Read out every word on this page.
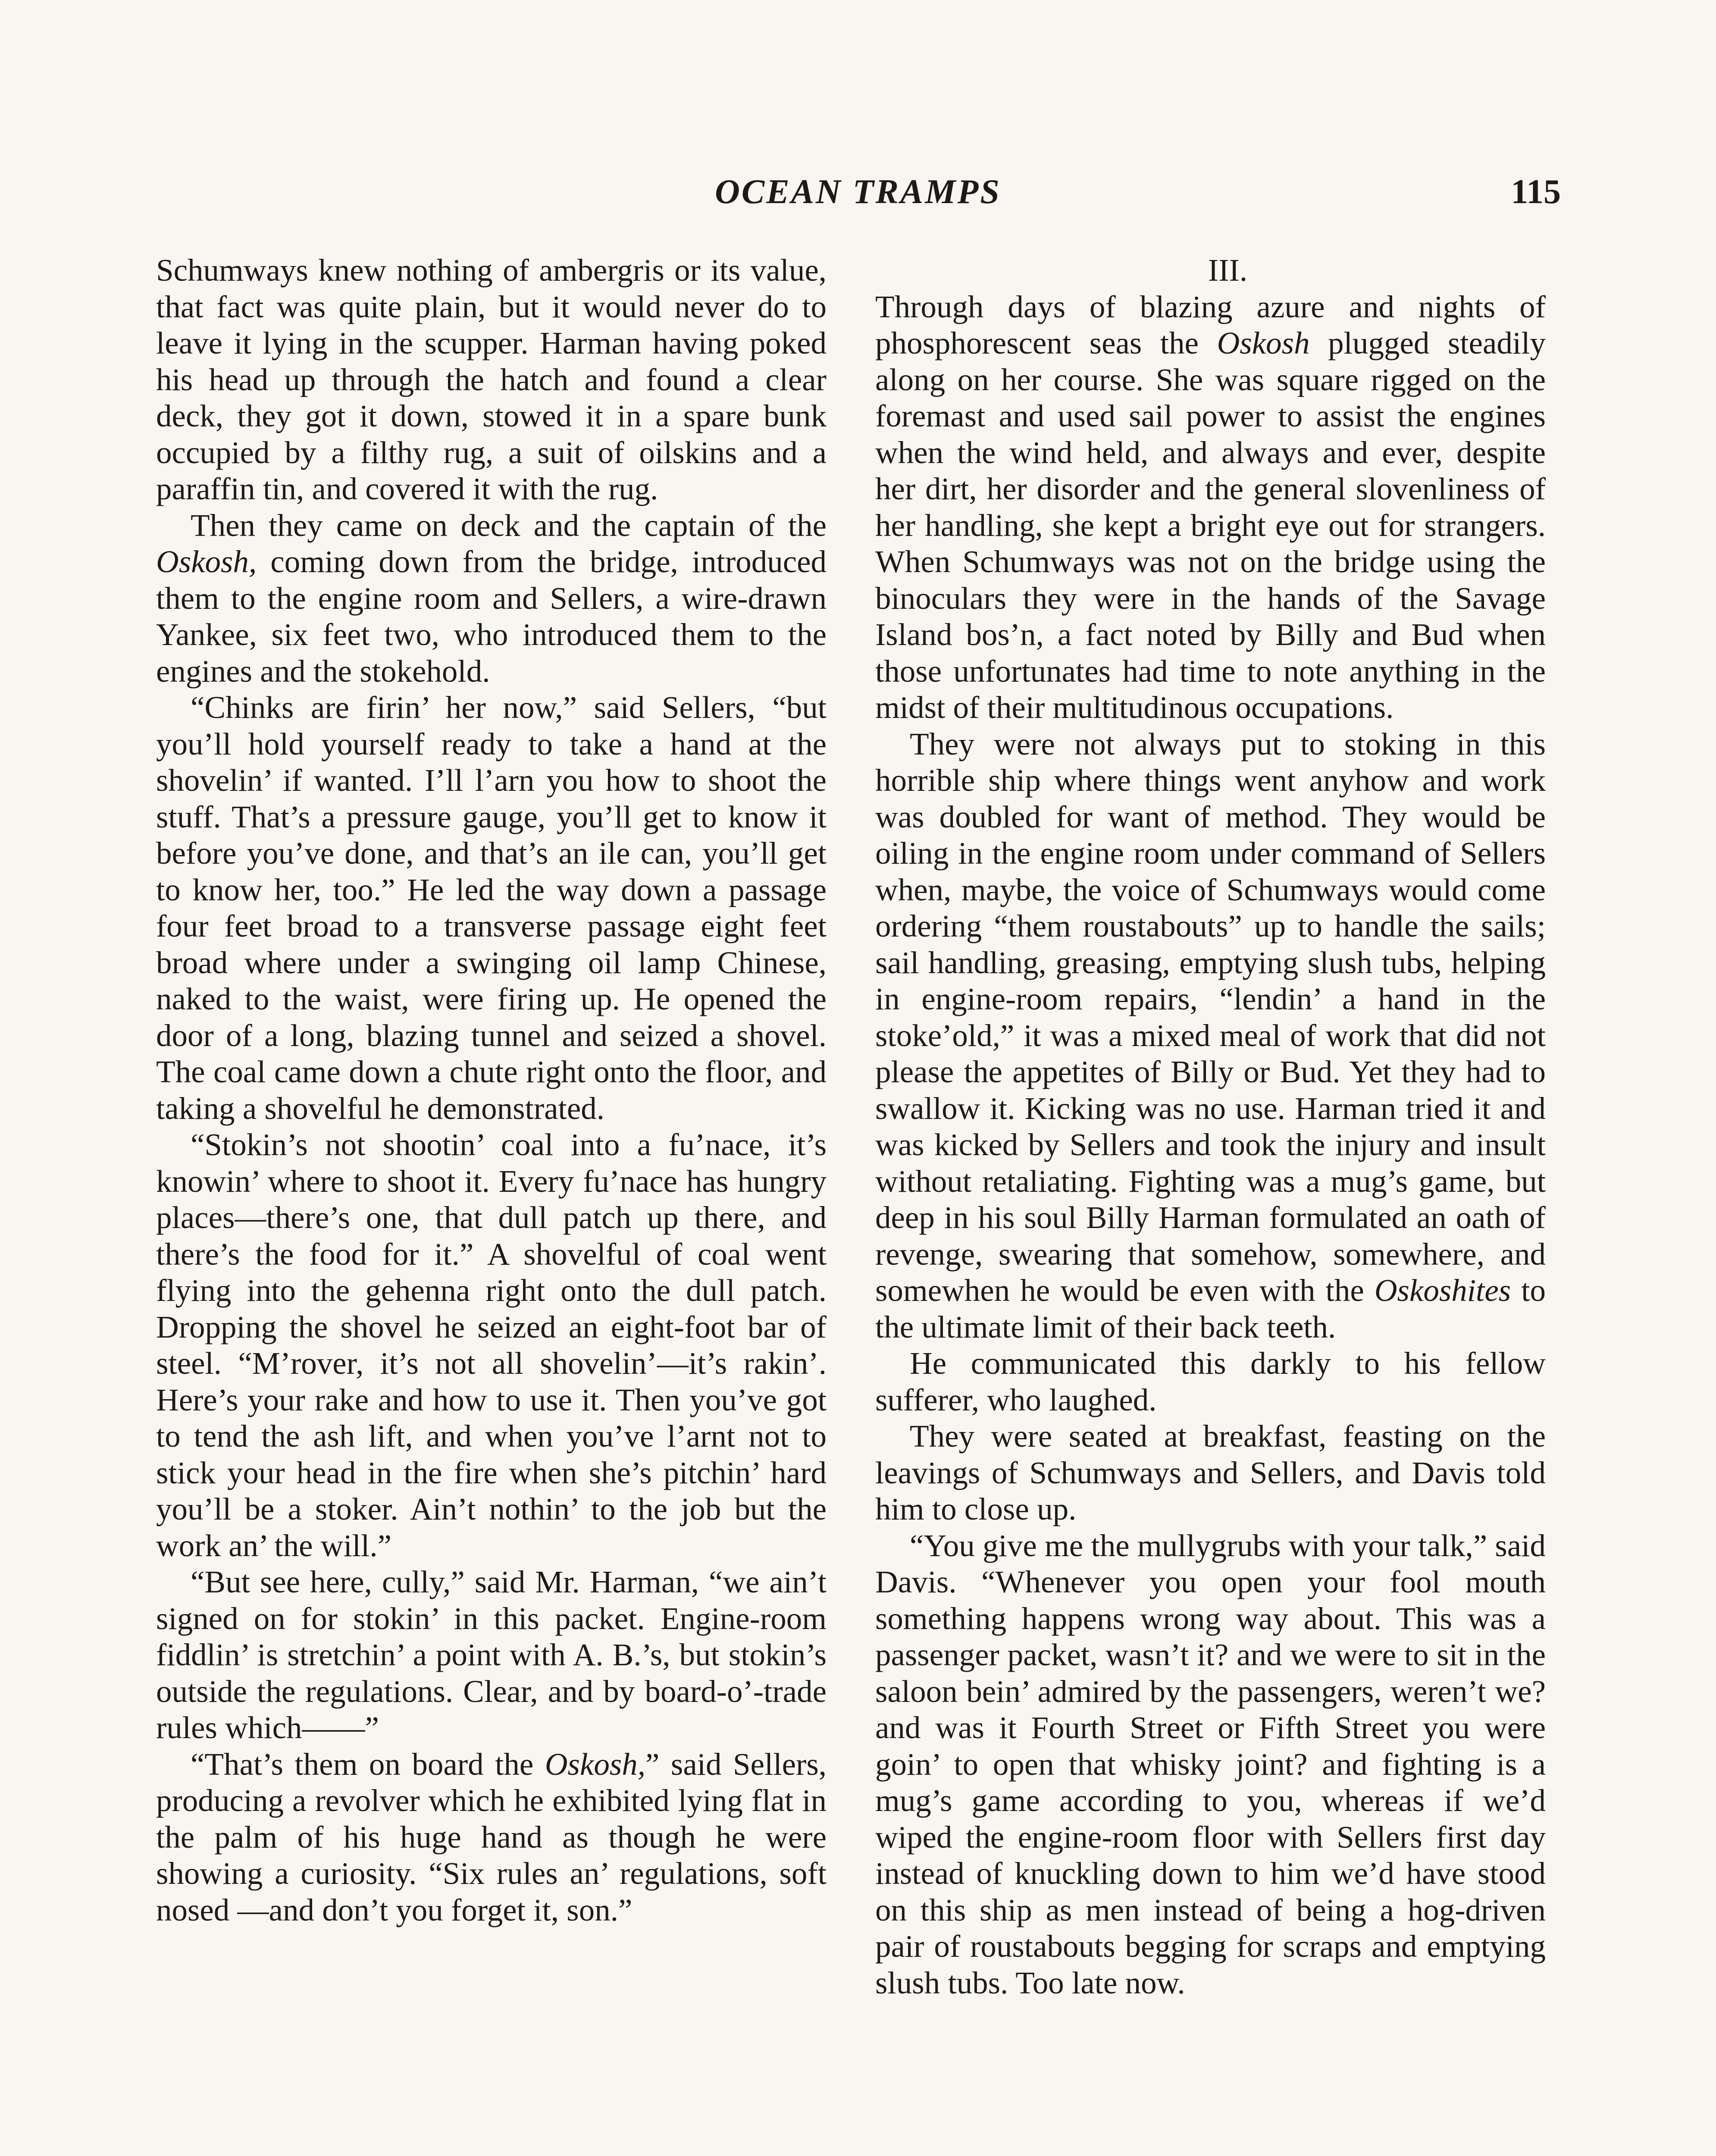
OCEAN TRAMPS	115

Schumways knew nothing of ambergris or its value, that fact was quite plain, but it would never do to leave it lying in the scupper. Harman having poked his head up through the hatch and found a clear deck, they got it down, stowed it in a spare bunk occupied by a filthy rug, a suit of oilskins and a paraffin tin, and covered it with the rug.

Then they came on deck and the captain of the Oskosh, coming down from the bridge, introduced them to the engine room and Sellers, a wire-drawn Yankee, six feet two, who introduced them to the engines and the stokehold.

“Chinks are firin’ her now,” said Sellers, “but you’ll hold yourself ready to take a hand at the shovelin’ if wanted. I’ll l’arn you how to shoot the stuff. That’s a pressure gauge, you’ll get to know it before you’ve done, and that’s an ile can, you’ll get to know her, too.” He led the way down a passage four feet broad to a transverse passage eight feet broad where under a swinging oil lamp Chinese, naked to the waist, were firing up. He opened the door of a long, blazing tunnel and seized a shovel. The coal came down a chute right onto the floor, and taking a shovelful he demonstrated.

“Stokin’s not shootin’ coal into a fu’nace, it’s knowin’ where to shoot it. Every fu’nace has hungry places—there’s one, that dull patch up there, and there’s the food for it.” A shovelful of coal went flying into the gehenna right onto the dull patch. Dropping the shovel he seized an eight-foot bar of steel. “M’rover, it’s not all shovelin’—it’s rakin’. Here’s your rake and how to use it. Then you’ve got to tend the ash lift, and when you’ve l’arnt not to stick your head in the fire when she’s pitchin’ hard you’ll be a stoker. Ain’t nothin’ to the job but the work an’ the will.”

“But see here, cully,” said Mr. Harman, “we ain’t signed on for stokin’ in this packet. Engine-room fiddlin’ is stretchin’ a point with A. B.’s, but stokin’s outside the regulations. Clear, and by board-o’-trade rules which——”

“That’s them on board the Oskosh,” said Sellers, producing a revolver which he exhibited lying flat in the palm of his huge hand as though he were showing a curiosity. “Six rules an’ regulations, soft nosed —and don’t you forget it, son.”

III.

Through days of blazing azure and nights of phosphorescent seas the Oskosh plugged steadily along on her course. She was square rigged on the foremast and used sail power to assist the engines when the wind held, and always and ever, despite her dirt, her disorder and the general slovenliness of her handling, she kept a bright eye out for strangers. When Schumways was not on the bridge using the binoculars they were in the hands of the Savage Island bos’n, a fact noted by Billy and Bud when those unfortunates had time to note anything in the midst of their multitudinous occupations.

They were not always put to stoking in this horrible ship where things went anyhow and work was doubled for want of method. They would be oiling in the engine room under command of Sellers when, maybe, the voice of Schumways would come ordering “them roustabouts” up to handle the sails; sail handling, greasing, emptying slush tubs, helping in engine-room repairs, “lendin’ a hand in the stoke’old,” it was a mixed meal of work that did not please the appetites of Billy or Bud. Yet they had to swallow it. Kicking was no use. Harman tried it and was kicked by Sellers and took the injury and insult without retaliating. Fighting was a mug’s game, but deep in his soul Billy Harman formulated an oath of revenge, swearing that somehow, somewhere, and somewhen he would be even with the Oskoshites to the ultimate limit of their back teeth.

He communicated this darkly to his fellow sufferer, who laughed.

They were seated at breakfast, feasting on the leavings of Schumways and Sellers, and Davis told him to close up.

“You give me the mullygrubs with your talk,” said Davis. “Whenever you open your fool mouth something happens wrong way about. This was a passenger packet, wasn’t it? and we were to sit in the saloon bein’ admired by the passengers, weren’t we? and was it Fourth Street or Fifth Street you were goin’ to open that whisky joint? and fighting is a mug’s game according to you, whereas if we’d wiped the engine-room floor with Sellers first day instead of knuckling down to him we’d have stood on this ship as men instead of being a hog-driven pair of roustabouts begging for scraps and emptying slush tubs. Too late now.
